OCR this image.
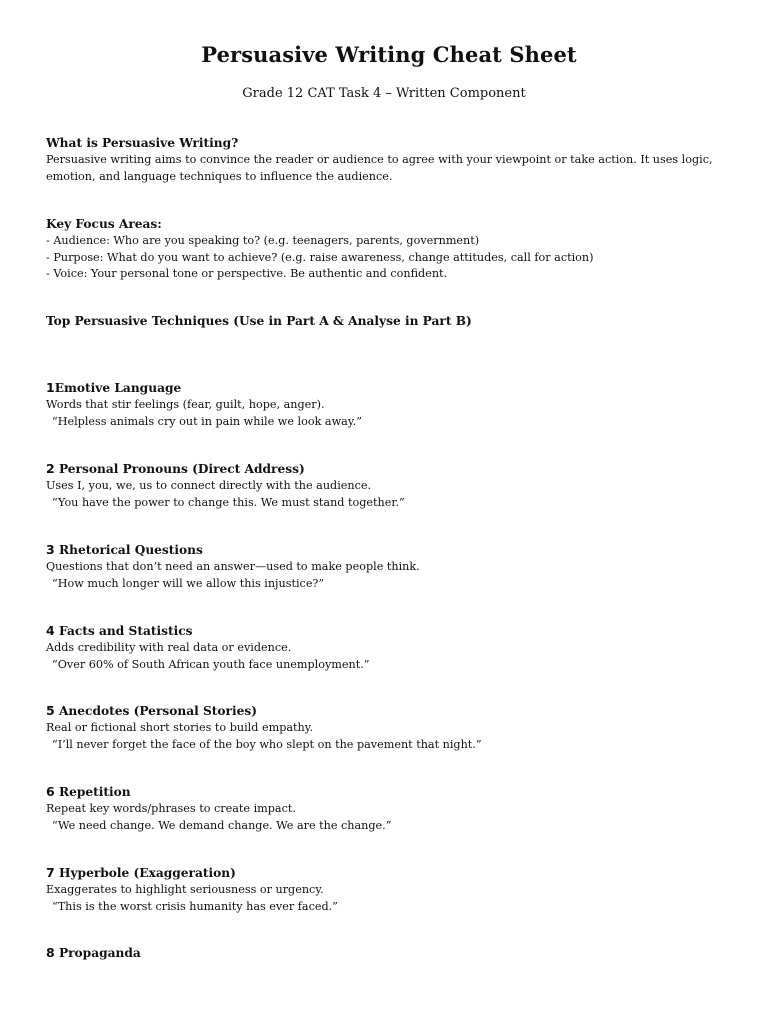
Persuasive Writing Cheat Sheet
Grade 12 CAT Task 4 – Written Component
What is Persuasive Writing?
Persuasive writing aims to convince the reader or audience to agree with your viewpoint or take action. It uses logic,
emotion, and language techniques to influence the audience.
Key Focus Areas:
- Audience: Who are you speaking to? (e.g. teenagers, parents, government)
- Purpose: What do you want to achieve? (e.g. raise awareness, change attitudes, call for action)
- Voice: Your personal tone or perspective. Be authentic and confident.
Top Persuasive Techniques (Use in Part A & Analyse in Part B)
1Emotive Language
Words that stir feelings (fear, guilt, hope, anger).
“Helpless animals cry out in pain while we look away.”
2 Personal Pronouns (Direct Address)
Uses I, you, we, us to connect directly with the audience.
“You have the power to change this. We must stand together.”
3 Rhetorical Questions
Questions that don’t need an answer—used to make people think.
“How much longer will we allow this injustice?”
4 Facts and Statistics
Adds credibility with real data or evidence.
“Over 60% of South African youth face unemployment.”
5 Anecdotes (Personal Stories)
Real or fictional short stories to build empathy.
“I’ll never forget the face of the boy who slept on the pavement that night.”
6 Repetition
Repeat key words/phrases to create impact.
“We need change. We demand change. We are the change.”
7 Hyperbole (Exaggeration)
Exaggerates to highlight seriousness or urgency.
“This is the worst crisis humanity has ever faced.”
8 Propaganda
